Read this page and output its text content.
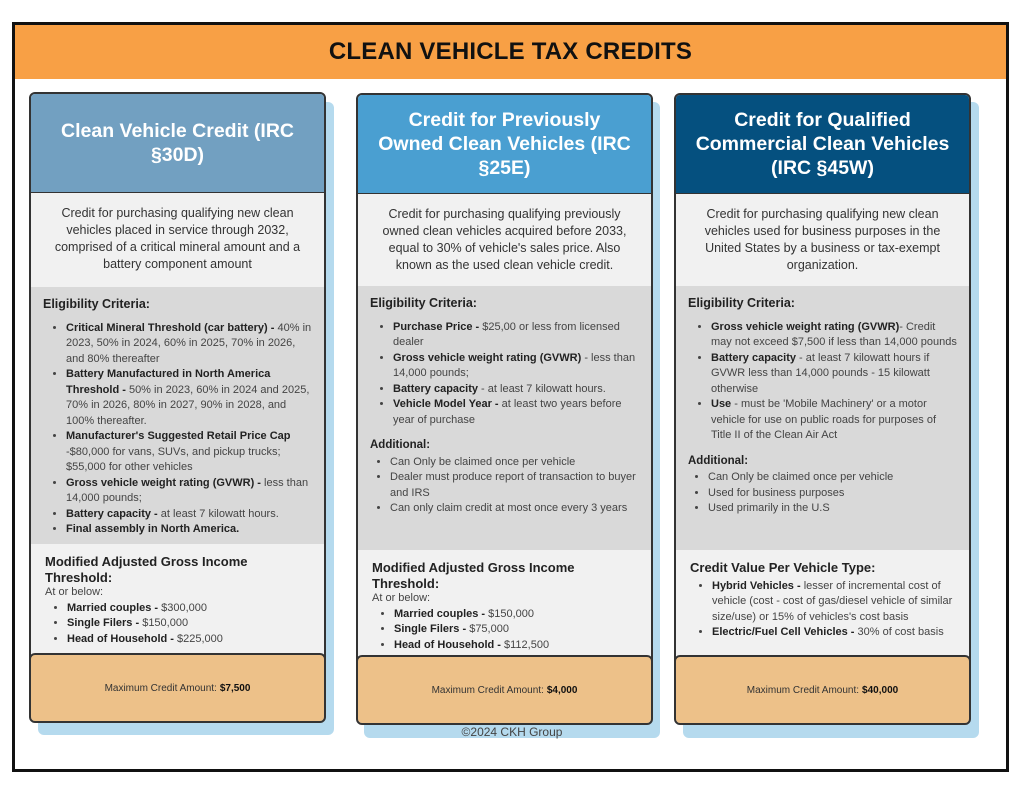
CLEAN VEHICLE TAX CREDITS
Clean Vehicle Credit (IRC §30D)
Credit for purchasing qualifying new clean vehicles placed in service through 2032, comprised of a critical mineral amount and a battery component amount
Eligibility Criteria:
• Critical Mineral Threshold (car battery) - 40% in 2023, 50% in 2024, 60% in 2025, 70% in 2026, and 80% thereafter
• Battery Manufactured in North America Threshold - 50% in 2023, 60% in 2024 and 2025, 70% in 2026, 80% in 2027, 90% in 2028, and 100% thereafter.
• Manufacturer's Suggested Retail Price Cap -$80,000 for vans, SUVs, and pickup trucks; $55,000 for other vehicles
• Gross vehicle weight rating (GVWR) - less than 14,000 pounds;
• Battery capacity - at least 7 kilowatt hours.
• Final assembly in North America.
Modified Adjusted Gross Income Threshold:
At or below:
• Married couples - $300,000
• Single Filers - $150,000
• Head of Household - $225,000
Maximum Credit Amount: $7,500
Credit for Previously Owned Clean Vehicles (IRC §25E)
Credit for purchasing qualifying previously owned clean vehicles acquired before 2033, equal to 30% of vehicle's sales price. Also known as the used clean vehicle credit.
Eligibility Criteria:
• Purchase Price - $25,00 or less from licensed dealer
• Gross vehicle weight rating (GVWR) - less than 14,000 pounds;
• Battery capacity - at least 7 kilowatt hours.
• Vehicle Model Year - at least two years before year of purchase
Additional:
• Can Only be claimed once per vehicle
• Dealer must produce report of transaction to buyer and IRS
• Can only claim credit at most once every 3 years
Modified Adjusted Gross Income Threshold:
At or below:
• Married couples - $150,000
• Single Filers - $75,000
• Head of Household - $112,500
Maximum Credit Amount: $4,000
Credit for Qualified Commercial Clean Vehicles (IRC §45W)
Credit for purchasing qualifying new clean vehicles used for business purposes in the United States by a business or tax-exempt organization.
Eligibility Criteria:
• Gross vehicle weight rating (GVWR)- Credit may not exceed $7,500 if less than 14,000 pounds
• Battery capacity - at least 7 kilowatt hours if GVWR less than 14,000 pounds - 15 kilowatt otherwise
• Use - must be 'Mobile Machinery' or a motor vehicle for use on public roads for purposes of Title II of the Clean Air Act
Additional:
• Can Only be claimed once per vehicle
• Used for business purposes
• Used primarily in the U.S
Credit Value Per Vehicle Type:
• Hybrid Vehicles - lesser of incremental cost of vehicle (cost - cost of gas/diesel vehicle of similar size/use) or 15% of vehicles's cost basis
• Electric/Fuel Cell Vehicles - 30% of cost basis
Maximum Credit Amount: $40,000
©2024 CKH Group
